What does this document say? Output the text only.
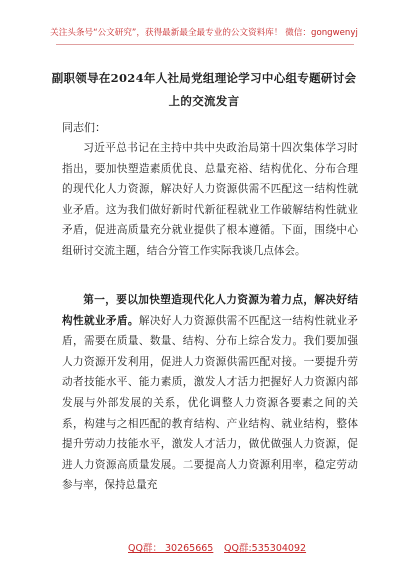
关注头条号“公文研究”，获得最新最全最专业的公文资料库！ 微信：gongwenyj
副职领导在2024年人社局党组理论学习中心组专题研讨会
上的交流发言
同志们：
习近平总书记在主持中共中央政治局第十四次集体学习时指出，要加快塑造素质优良、总量充裕、结构优化、分布合理的现代化人力资源，解决好人力资源供需不匹配这一结构性就业矛盾。这为我们做好新时代新征程就业工作破解结构性就业矛盾，促进高质量充分就业提供了根本遵循。下面，围绕中心组研讨交流主题，结合分管工作实际我谈几点体会。
第一，要以加快塑造现代化人力资源为着力点，解决好结构性就业矛盾。解决好人力资源供需不匹配这一结构性就业矛盾，需要在质量、数量、结构、分布上综合发力。我们要加强人力资源开发利用，促进人力资源供需匹配对接。一要提升劳动者技能水平、能力素质，激发人才活力把握好人力资源内部发展与外部发展的关系，优化调整人力资源各要素之间的关系，构建与之相匹配的教育结构、产业结构、就业结构，整体提升劳动力技能水平，激发人才活力，做优做强人力资源，促进人力资源高质量发展。二要提高人力资源利用率，稳定劳动参与率，保持总量充
QQ群： 30265665 QQ群:535304092
